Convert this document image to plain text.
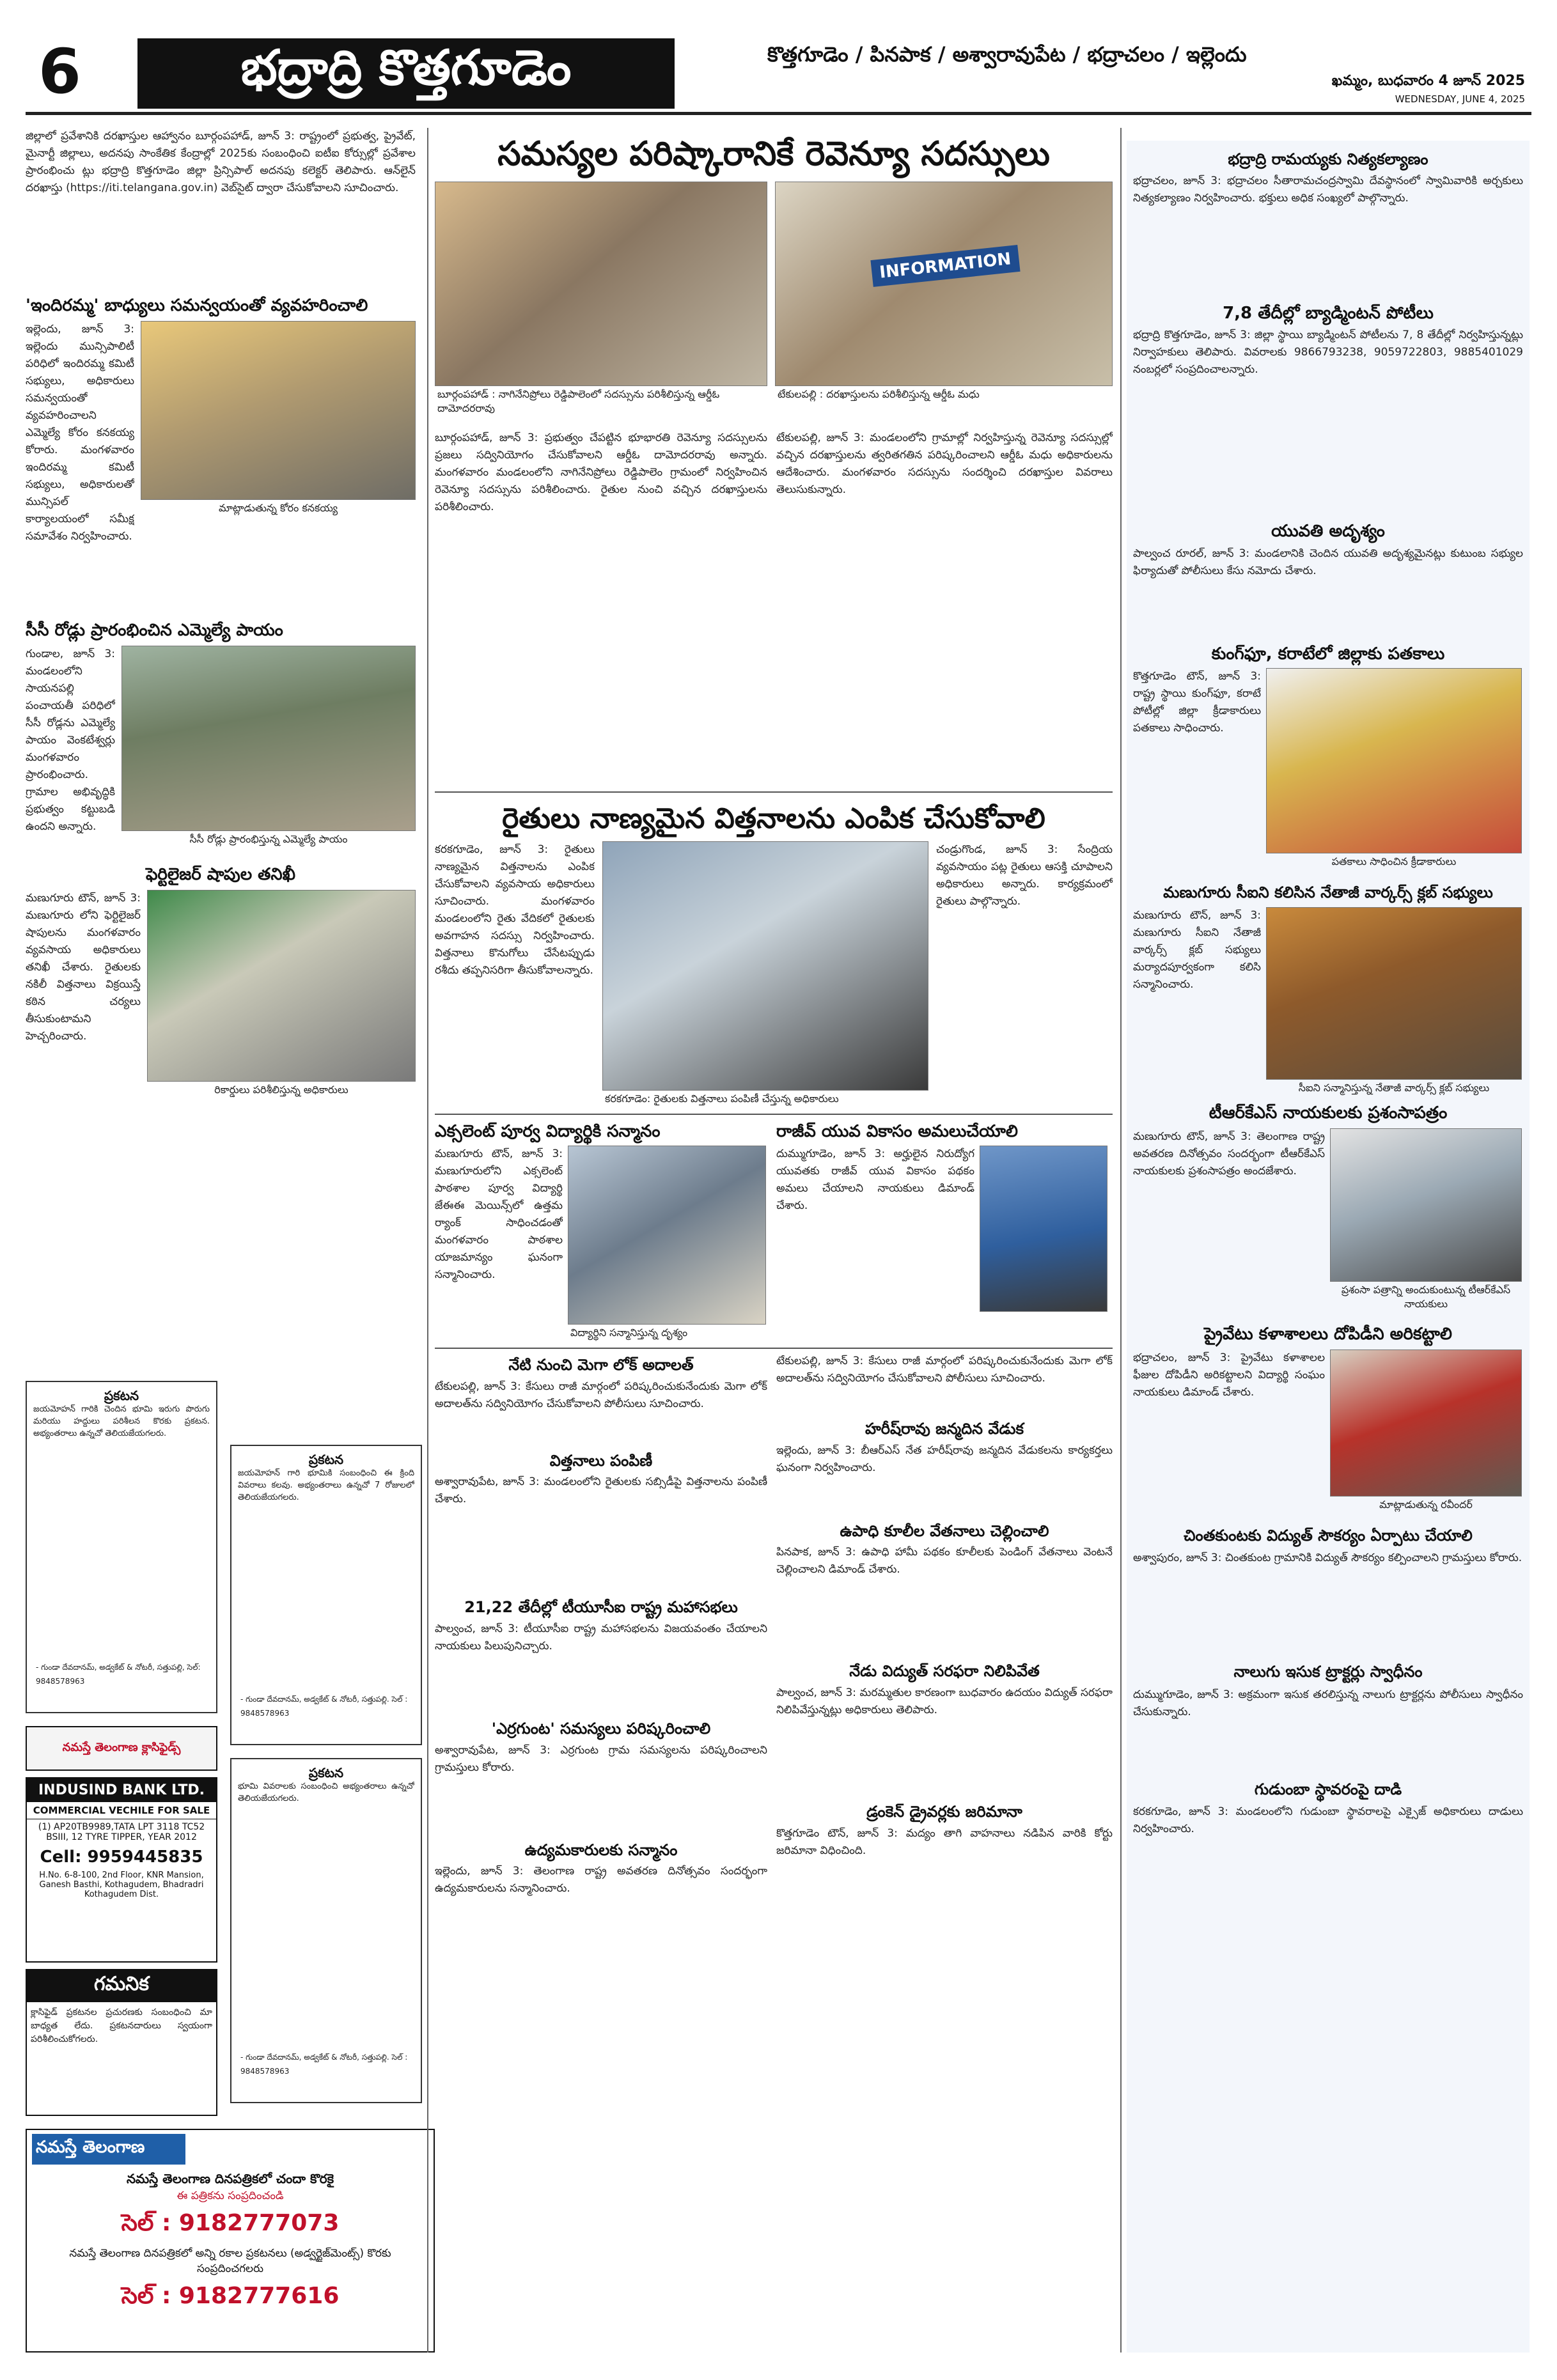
6	భద్రాద్రి కొత్తగూడెం	కొత్తగూడెం / పినపాక / అశ్వారావుపేట / భద్రాచలం / ఇల్లెందు
ఖమ్మం, బుధవారం 4 జూన్ 2025
WEDNESDAY, JUNE 4, 2025

జిల్లాలో ప్రవేశానికి దరఖాస్తుల ఆహ్వానం బూర్గంపహాడ్, జూన్ 3: రాష్ట్రంలో ప్రభుత్వ, ప్రైవేట్, మైనార్టీ జిల్లాలు, అదనపు సాంకేతిక కేంద్రాల్లో 2025కు సంబంధించి ఐటీఐ కోర్సుల్లో ప్రవేశాల ప్రారంభించు ట్లు భద్రాద్రి కొత్తగూడెం జిల్లా ప్రిన్సిపాల్ అదనపు కలెక్టర్ తెలిపారు. ఆన్‌లైన్ దరఖాస్తు (https://iti.telangana.gov.in) వెబ్‌సైట్ ద్వారా చేసుకోవాలని సూచించారు.

'ఇందిరమ్మ' బాధ్యులు సమన్వయంతో వ్యవహరించాలి

ఇల్లెందు, జూన్ 3: ఇల్లెందు మున్సిపాలిటీ పరిధిలో ఇందిరమ్మ కమిటీ సభ్యులు, అధికారులు సమన్వయంతో వ్యవహరించాలని ఎమ్మెల్యే కోరం కనకయ్య కోరారు. మంగళవారం ఇందిరమ్మ కమిటీ సభ్యులు, అధికారులతో మున్సిపల్ కార్యాలయంలో సమీక్ష సమావేశం నిర్వహించారు.

మాట్లాడుతున్న కోరం కనకయ్య
సీసీ రోడ్లు ప్రారంభించిన ఎమ్మెల్యే పాయం

గుండాల, జూన్ 3: మండలంలోని సాయనపల్లి పంచాయతీ పరిధిలో సీసీ రోడ్లను ఎమ్మెల్యే పాయం వెంకటేశ్వర్లు మంగళవారం ప్రారంభించారు. గ్రామాల అభివృద్ధికి ప్రభుత్వం కట్టుబడి ఉందని అన్నారు.

సీసీ రోడ్లు ప్రారంభిస్తున్న ఎమ్మెల్యే పాయం
ఫెర్టిలైజర్ షాపుల తనిఖీ

మణుగూరు టౌన్, జూన్ 3: మణుగూరు లోని ఫెర్టిలైజర్ షాపులను మంగళవారం వ్యవసాయ అధికారులు తనిఖీ చేశారు. రైతులకు నకిలీ విత్తనాలు విక్రయిస్తే కఠిన చర్యలు తీసుకుంటామని హెచ్చరించారు.

రికార్డులు పరిశీలిస్తున్న అధికారులు
ప్రకటన

జయమోహన్ గారికి చెందిన భూమి ఇరుగు పొరుగు మరియు హద్దులు పరిశీలన కొరకు ప్రకటన. అభ్యంతరాలు ఉన్నచో తెలియజేయగలరు.

- గుండా దేవదానమ్, అడ్వకేట్ & నోటరీ, సత్తుపల్లి, సెల్: 9848578963

ప్రకటన

జయమోహన్ గారి భూమికి సంబంధించి ఈ క్రింది వివరాలు కలవు. అభ్యంతరాలు ఉన్నచో 7 రోజులలో తెలియజేయగలరు.

- గుండా దేవదానమ్, అడ్వకేట్ & నోటరీ, సత్తుపల్లి. సెల్ : 9848578963

నమస్తే తెలంగాణ క్లాసిఫైడ్స్
INDUSIND BANK LTD.
COMMERCIAL VECHILE FOR SALE
(1) AP20TB9989,TATA LPT 3118 TC52 BSIII, 12 TYRE TIPPER, YEAR 2012
Cell: 9959445835
H.No. 6-8-100, 2nd Floor, KNR Mansion, Ganesh Basthi, Kothagudem, Bhadradri Kothagudem Dist.
ప్రకటన

భూమి వివరాలకు సంబంధించి అభ్యంతరాలు ఉన్నచో తెలియజేయగలరు.

- గుండా దేవదానమ్, అడ్వకేట్ & నోటరీ, సత్తుపల్లి. సెల్ : 9848578963

గమనిక

క్లాసిఫైడ్ ప్రకటనల ప్రచురణకు సంబంధించి మా బాధ్యత లేదు. ప్రకటనదారులు స్వయంగా పరిశీలించుకోగలరు.

నమస్తే తెలంగాణ
నమస్తే తెలంగాణ దినపత్రికలో చందా కొరకై
ఈ పత్రికను సంప్రదించండి
సెల్ : 9182777073
నమస్తే తెలంగాణ దినపత్రికలో అన్ని రకాల ప్రకటనలు (అడ్వర్టైజ్‌మెంట్స్) కొరకు సంప్రదించగలరు
సెల్ : 9182777616
సమస్యల పరిష్కారానికే రెవెన్యూ సదస్సులు
బూర్గంపహాడ్ : నాగినేనిప్రోలు రెడ్డిపాలెంలో సదస్సును పరిశీలిస్తున్న ఆర్డీఓ దామోదరరావు
INFORMATION
టేకులపల్లి : దరఖాస్తులను పరిశీలిస్తున్న ఆర్డీఓ మధు

బూర్గంపహాడ్, జూన్ 3: ప్రభుత్వం చేపట్టిన భూభారతి రెవెన్యూ సదస్సులను ప్రజలు సద్వినియోగం చేసుకోవాలని ఆర్డీఓ దామోదరరావు అన్నారు. మంగళవారం మండలంలోని నాగినేనిప్రోలు రెడ్డిపాలెం గ్రామంలో నిర్వహించిన రెవెన్యూ సదస్సును పరిశీలించారు. రైతుల నుంచి వచ్చిన దరఖాస్తులను పరిశీలించారు.

టేకులపల్లి, జూన్ 3: మండలంలోని గ్రామాల్లో నిర్వహిస్తున్న రెవెన్యూ సదస్సుల్లో వచ్చిన దరఖాస్తులను త్వరితగతిన పరిష్కరించాలని ఆర్డీఓ మధు అధికారులను ఆదేశించారు. మంగళవారం సదస్సును సందర్శించి దరఖాస్తుల వివరాలు తెలుసుకున్నారు.

రైతులు నాణ్యమైన విత్తనాలను ఎంపిక చేసుకోవాలి

కరకగూడెం, జూన్ 3: రైతులు నాణ్యమైన విత్తనాలను ఎంపిక చేసుకోవాలని వ్యవసాయ అధికారులు సూచించారు. మంగళవారం మండలంలోని రైతు వేదికలో రైతులకు అవగాహన సదస్సు నిర్వహించారు. విత్తనాలు కొనుగోలు చేసేటప్పుడు రశీదు తప్పనిసరిగా తీసుకోవాలన్నారు.

కరకగూడెం: రైతులకు విత్తనాలు పంపిణీ చేస్తున్న అధికారులు

చండ్రుగొండ, జూన్ 3: సేంద్రియ వ్యవసాయం పట్ల రైతులు ఆసక్తి చూపాలని అధికారులు అన్నారు. కార్యక్రమంలో రైతులు పాల్గొన్నారు.

ఎక్సలెంట్ పూర్వ విద్యార్థికి సన్మానం

మణుగూరు టౌన్, జూన్ 3: మణుగూరులోని ఎక్సలెంట్ పాఠశాల పూర్వ విద్యార్థి జేఈఈ మెయిన్స్‌లో ఉత్తమ ర్యాంక్ సాధించడంతో మంగళవారం పాఠశాల యాజమాన్యం ఘనంగా సన్మానించారు.

విద్యార్థిని సన్మానిస్తున్న దృశ్యం
రాజీవ్ యువ వికాసం అమలుచేయాలి

దుమ్ముగూడెం, జూన్ 3: అర్హులైన నిరుద్యోగ యువతకు రాజీవ్ యువ వికాసం పథకం అమలు చేయాలని నాయకులు డిమాండ్ చేశారు.

నేటి నుంచి మెగా లోక్ అదాలత్

టేకులపల్లి, జూన్ 3: కేసులు రాజీ మార్గంలో పరిష్కరించుకునేందుకు మెగా లోక్ అదాలత్‌ను సద్వినియోగం చేసుకోవాలని పోలీసులు సూచించారు.

విత్తనాలు పంపిణీ

అశ్వారావుపేట, జూన్ 3: మండలంలోని రైతులకు సబ్సిడీపై విత్తనాలను పంపిణీ చేశారు.

21,22 తేదీల్లో టీయూసీఐ రాష్ట్ర మహాసభలు

పాల్వంచ, జూన్ 3: టీయూసీఐ రాష్ట్ర మహాసభలను విజయవంతం చేయాలని నాయకులు పిలుపునిచ్చారు.

'ఎర్రగుంట' సమస్యలు పరిష్కరించాలి

అశ్వారావుపేట, జూన్ 3: ఎర్రగుంట గ్రామ సమస్యలను పరిష్కరించాలని గ్రామస్తులు కోరారు.

ఉద్యమకారులకు సన్మానం

ఇల్లెందు, జూన్ 3: తెలంగాణ రాష్ట్ర అవతరణ దినోత్సవం సందర్భంగా ఉద్యమకారులను సన్మానించారు.

టేకులపల్లి, జూన్ 3: కేసులు రాజీ మార్గంలో పరిష్కరించుకునేందుకు మెగా లోక్ అదాలత్‌ను సద్వినియోగం చేసుకోవాలని పోలీసులు సూచించారు.

హరీష్‌రావు జన్మదిన వేడుక

ఇల్లెందు, జూన్ 3: బీఆర్ఎస్ నేత హరీష్‌రావు జన్మదిన వేడుకలను కార్యకర్తలు ఘనంగా నిర్వహించారు.

ఉపాధి కూలీల వేతనాలు చెల్లించాలి

పినపాక, జూన్ 3: ఉపాధి హామీ పథకం కూలీలకు పెండింగ్ వేతనాలు వెంటనే చెల్లించాలని డిమాండ్ చేశారు.

నేడు విద్యుత్ సరఫరా నిలిపివేత

పాల్వంచ, జూన్ 3: మరమ్మతుల కారణంగా బుధవారం ఉదయం విద్యుత్ సరఫరా నిలిపివేస్తున్నట్లు అధికారులు తెలిపారు.

డ్రంకెన్ డ్రైవర్లకు జరిమానా

కొత్తగూడెం టౌన్, జూన్ 3: మద్యం తాగి వాహనాలు నడిపిన వారికి కోర్టు జరిమానా విధించింది.

భద్రాద్రి రామయ్యకు నిత్యకల్యాణం

భద్రాచలం, జూన్ 3: భద్రాచలం సీతారామచంద్రస్వామి దేవస్థానంలో స్వామివారికి అర్చకులు నిత్యకల్యాణం నిర్వహించారు. భక్తులు అధిక సంఖ్యలో పాల్గొన్నారు.

7,8 తేదీల్లో బ్యాడ్మింటన్ పోటీలు

భద్రాద్రి కొత్తగూడెం, జూన్ 3: జిల్లా స్థాయి బ్యాడ్మింటన్ పోటీలను 7, 8 తేదీల్లో నిర్వహిస్తున్నట్లు నిర్వాహకులు తెలిపారు. వివరాలకు 9866793238, 9059722803, 9885401029 నంబర్లలో సంప్రదించాలన్నారు.

యువతి అదృశ్యం

పాల్వంచ రూరల్, జూన్ 3: మండలానికి చెందిన యువతి అదృశ్యమైనట్లు కుటుంబ సభ్యుల ఫిర్యాదుతో పోలీసులు కేసు నమోదు చేశారు.

కుంగ్‌ఫూ, కరాటేలో జిల్లాకు పతకాలు

కొత్తగూడెం టౌన్, జూన్ 3: రాష్ట్ర స్థాయి కుంగ్‌ఫూ, కరాటే పోటీల్లో జిల్లా క్రీడాకారులు పతకాలు సాధించారు.

పతకాలు సాధించిన క్రీడాకారులు
మణుగూరు సీఐని కలిసిన నేతాజీ వార్కర్స్ క్లబ్ సభ్యులు

మణుగూరు టౌన్, జూన్ 3: మణుగూరు సీఐని నేతాజీ వార్కర్స్ క్లబ్ సభ్యులు మర్యాదపూర్వకంగా కలిసి సన్మానించారు.

సీఐని సన్మానిస్తున్న నేతాజీ వార్కర్స్ క్లబ్ సభ్యులు
టీఆర్‌కేఎస్ నాయకులకు ప్రశంసాపత్రం

మణుగూరు టౌన్, జూన్ 3: తెలంగాణ రాష్ట్ర అవతరణ దినోత్సవం సందర్భంగా టీఆర్‌కేఎస్ నాయకులకు ప్రశంసాపత్రం అందజేశారు.

ప్రశంసా పత్రాన్ని అందుకుంటున్న టీఆర్‌కేఎస్ నాయకులు
ప్రైవేటు కళాశాలలు దోపిడీని అరికట్టాలి

భద్రాచలం, జూన్ 3: ప్రైవేటు కళాశాలల ఫీజుల దోపిడీని అరికట్టాలని విద్యార్థి సంఘం నాయకులు డిమాండ్ చేశారు.

మాట్లాడుతున్న రవీందర్
చింతకుంటకు విద్యుత్ సౌకర్యం ఏర్పాటు చేయాలి

అశ్వాపురం, జూన్ 3: చింతకుంట గ్రామానికి విద్యుత్ సౌకర్యం కల్పించాలని గ్రామస్తులు కోరారు.

నాలుగు ఇసుక ట్రాక్టర్లు స్వాధీనం

దుమ్ముగూడెం, జూన్ 3: అక్రమంగా ఇసుక తరలిస్తున్న నాలుగు ట్రాక్టర్లను పోలీసులు స్వాధీనం చేసుకున్నారు.

గుడుంబా స్థావరంపై దాడి

కరకగూడెం, జూన్ 3: మండలంలోని గుడుంబా స్థావరాలపై ఎక్సైజ్ అధికారులు దాడులు నిర్వహించారు.
